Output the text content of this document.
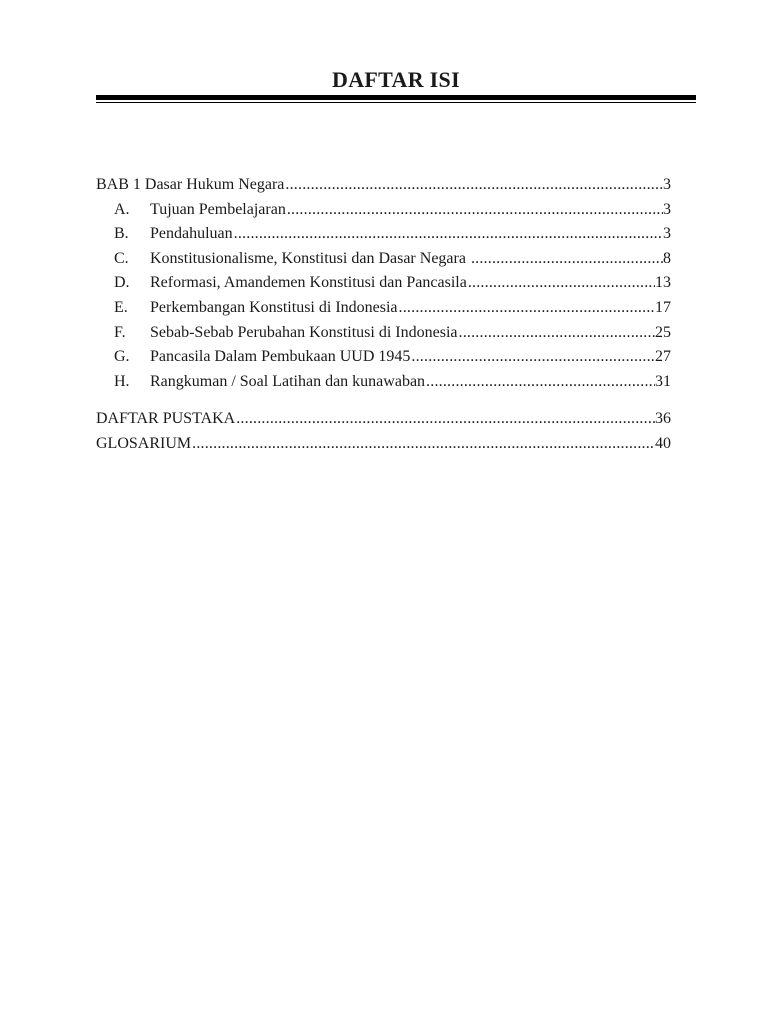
DAFTAR ISI
BAB 1 Dasar Hukum Negara .....	3
A.	Tujuan Pembelajaran .....	3
B.	Pendahuluan .....	3
C.	Konstitusionalisme, Konstitusi dan Dasar Negara .....	8
D.	Reformasi, Amandemen Konstitusi dan Pancasila .....	13
E.	Perkembangan Konstitusi di Indonesia .....	17
F.	Sebab-Sebab Perubahan Konstitusi di Indonesia .....	25
G.	Pancasila Dalam Pembukaan UUD 1945 .....	27
H.	Rangkuman / Soal Latihan dan kunawaban .....	31
DAFTAR PUSTAKA .....	36
GLOSARIUM .....	40
